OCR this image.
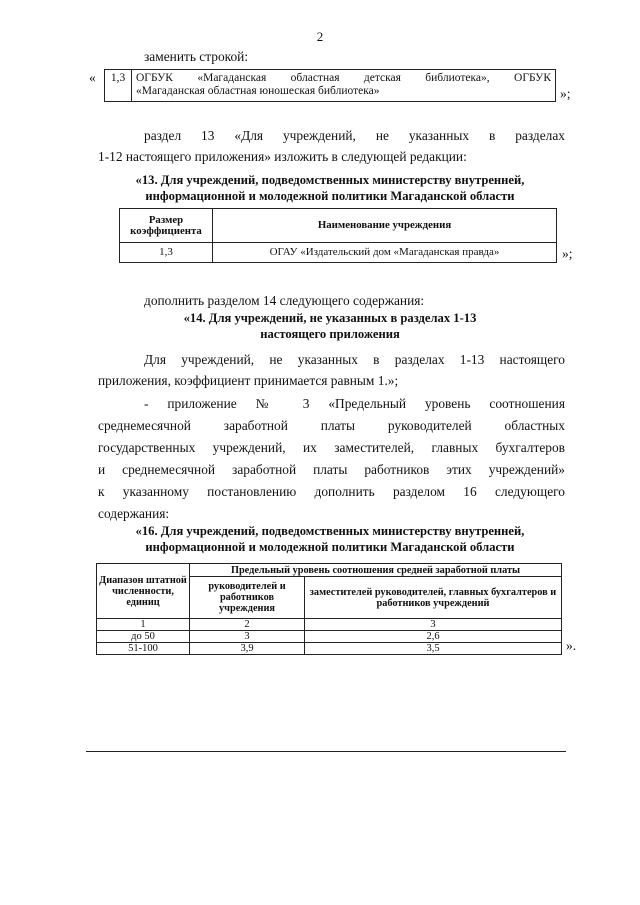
2
заменить строкой:
« 1,3	ОГБУК «Магаданская областная детская библиотека», ОГБУК
«Магаданская областная юношеская библиотека»	»;
раздел 13 «Для учреждений, не указанных в разделах
1-12 настоящего приложения» изложить в следующей редакции:
«13. Для учреждений, подведомственных министерству внутренней,
информационной и молодежной политики Магаданской области
Размер коэффициента	Наименование учреждения
1,3	ОГАУ «Издательский дом «Магаданская правда»	»;
дополнить разделом 14 следующего содержания:
«14. Для учреждений, не указанных в разделах 1-13
настоящего приложения
Для учреждений, не указанных в разделах 1-13 настоящего
приложения, коэффициент принимается равным 1.»;
- приложение № 3 «Предельный уровень соотношения
среднемесячной заработной платы руководителей областных
государственных учреждений, их заместителей, главных бухгалтеров
и среднемесячной заработной платы работников этих учреждений»
к указанному постановлению дополнить разделом 16 следующего
содержания:
«16. Для учреждений, подведомственных министерству внутренней,
информационной и молодежной политики Магаданской области
Диапазон штатной численности, единиц	Предельный уровень соотношения средней заработной платы	
	руководителей и работников учреждения	заместителей руководителей, главных бухгалтеров и работников учреждений
1	2	3
до 50	3	2,6
51-100	3,9	3,5	».
